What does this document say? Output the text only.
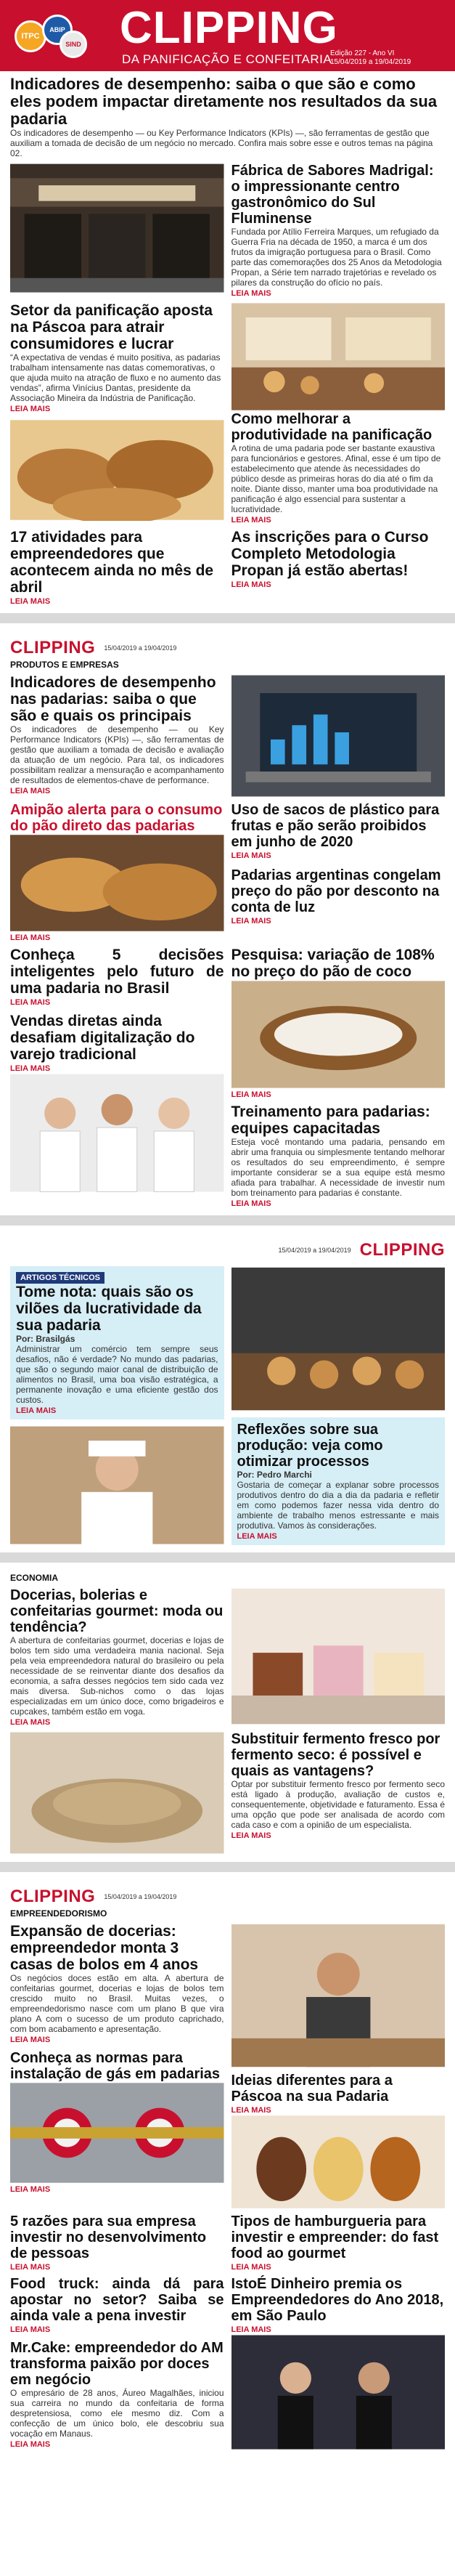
ITPC
ABIP
SIND CLIPPING
DA PANIFICAÇÃO E CONFEITARIA
Edição 227 - Ano VI
15/04/2019 a 19/04/2019
Indicadores de desempenho: saiba o que são e como eles podem impactar diretamente nos resultados da sua padaria
Os indicadores de desempenho — ou Key Performance Indicators (KPIs) —, são ferramentas de gestão que auxiliam a tomada de decisão de um negócio no mercado. Confira mais sobre esse e outros temas na página 02.
Fábrica de Sabores Madrigal: o impressionante centro gastronômico do Sul Fluminense
Fundada por Atílio Ferreira Marques, um refugiado da Guerra Fria na década de 1950, a marca é um dos frutos da imigração portuguesa para o Brasil. Como parte das comemorações dos 25 Anos da Metodologia Propan, a Série tem narrado trajetórias e revelado os pilares da construção do ofício no país.
LEIA MAIS
Setor da panificação aposta na Páscoa para atrair consumidores e lucrar
“A expectativa de vendas é muito positiva, as padarias trabalham intensamente nas datas comemorativas, o que ajuda muito na atração de fluxo e no aumento das vendas”, afirma Vinícius Dantas, presidente da Associação Mineira da Indústria de Panificação.
LEIA MAIS
Como melhorar a produtividade na panificação
A rotina de uma padaria pode ser bastante exaustiva para funcionários e gestores. Afinal, esse é um tipo de estabelecimento que atende às necessidades do público desde as primeiras horas do dia até o fim da noite. Diante disso, manter uma boa produtividade na panificação é algo essencial para sustentar a lucratividade.
LEIA MAIS
17 atividades para empreendedores que acontecem ainda no mês de abril
LEIA MAIS
As inscrições para o Curso Completo Metodologia Propan já estão abertas!
LEIA MAIS
CLIPPING 15/04/2019 a 19/04/2019
PRODUTOS E EMPRESAS
Indicadores de desempenho nas padarias: saiba o que são e quais os principais
Os indicadores de desempenho — ou Key Performance Indicators (KPIs) —, são ferramentas de gestão que auxiliam a tomada de decisão e avaliação da atuação de um negócio. Para tal, os indicadores possibilitam realizar a mensuração e acompanhamento de resultados de elementos-chave de performance.
LEIA MAIS
Amipão alerta para o consumo do pão direto das padarias
LEIA MAIS
Uso de sacos de plástico para frutas e pão serão proibidos em junho de 2020
LEIA MAIS
Padarias argentinas congelam preço do pão por desconto na conta de luz
LEIA MAIS
Conheça 5 decisões inteligentes pelo futuro de uma padaria no Brasil
LEIA MAIS
Vendas diretas ainda desafiam digitalização do varejo tradicional
LEIA MAIS
Pesquisa: variação de 108% no preço do pão de coco
LEIA MAIS
Treinamento para padarias: equipes capacitadas
Esteja você montando uma padaria, pensando em abrir uma franquia ou simplesmente tentando melhorar os resultados do seu empreendimento, é sempre importante considerar se a sua equipe está mesmo afiada para trabalhar. A necessidade de investir num bom treinamento para padarias é constante.
LEIA MAIS
15/04/2019 a 19/04/2019 CLIPPING
ARTIGOS TÉCNICOS
Tome nota: quais são os vilões da lucratividade da sua padaria
Por: Brasilgás
Administrar um comércio tem sempre seus desafios, não é verdade? No mundo das padarias, que são o segundo maior canal de distribuição de alimentos no Brasil, uma boa visão estratégica, a permanente inovação e uma eficiente gestão dos custos.
LEIA MAIS
Reflexões sobre sua produção: veja como otimizar processos
Por: Pedro Marchi
Gostaria de começar a explanar sobre processos produtivos dentro do dia a dia da padaria e refletir em como podemos fazer nessa vida dentro do ambiente de trabalho menos estressante e mais produtiva. Vamos às considerações.
LEIA MAIS
ECONOMIA
Docerias, bolerias e confeitarias gourmet: moda ou tendência?
A abertura de confeitarias gourmet, docerias e lojas de bolos tem sido uma verdadeira mania nacional. Seja pela veia empreendedora natural do brasileiro ou pela necessidade de se reinventar diante dos desafios da economia, a safra desses negócios tem sido cada vez mais diversa. Sub-nichos como o das lojas especializadas em um único doce, como brigadeiros e cupcakes, também estão em voga.
LEIA MAIS
Substituir fermento fresco por fermento seco: é possível e quais as vantagens?
Optar por substituir fermento fresco por fermento seco está ligado à produção, avaliação de custos e, consequentemente, objetividade e faturamento. Essa é uma opção que pode ser analisada de acordo com cada caso e com a opinião de um especialista.
LEIA MAIS
CLIPPING 15/04/2019 a 19/04/2019
EMPREENDEDORISMO
Expansão de docerias: empreendedor monta 3 casas de bolos em 4 anos
Os negócios doces estão em alta. A abertura de confeitarias gourmet, docerias e lojas de bolos tem crescido muito no Brasil. Muitas vezes, o empreendedorismo nasce com um plano B que vira plano A com o sucesso de um produto caprichado, com bom acabamento e apresentação.
LEIA MAIS
Conheça as normas para instalação de gás em padarias
LEIA MAIS
Ideias diferentes para a Páscoa na sua Padaria
LEIA MAIS
5 razões para sua empresa investir no desenvolvimento de pessoas
LEIA MAIS
Tipos de hamburgueria para investir e empreender: do fast food ao gourmet
LEIA MAIS
Food truck: ainda dá para apostar no setor? Saiba se ainda vale a pena investir
LEIA MAIS
Mr.Cake: empreendedor do AM transforma paixão por doces em negócio
O empresário de 28 anos, Áureo Magalhães, iniciou sua carreira no mundo da confeitaria de forma despretensiosa, como ele mesmo diz. Com a confecção de um único bolo, ele descobriu sua vocação em Manaus.
LEIA MAIS
IstoÉ Dinheiro premia os Empreendedores do Ano 2018, em São Paulo
LEIA MAIS
